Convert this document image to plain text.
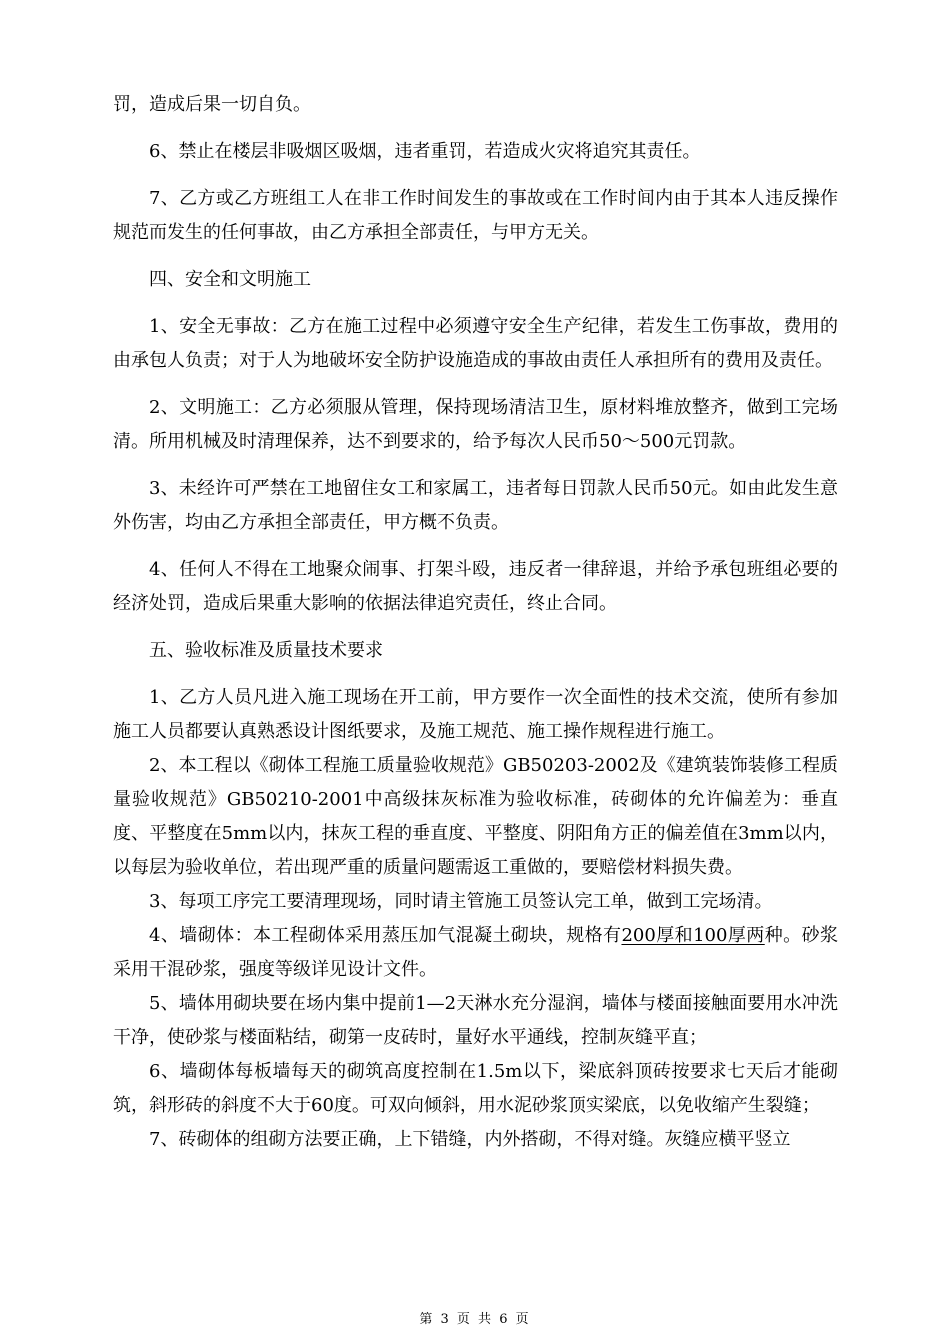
罚，造成后果一切自负。

6、禁止在楼层非吸烟区吸烟，违者重罚，若造成火灾将追究其责任。

7、乙方或乙方班组工人在非工作时间发生的事故或在工作时间内由于其本人违反操作规范而发生的任何事故，由乙方承担全部责任，与甲方无关。

四、安全和文明施工

1、安全无事故：乙方在施工过程中必须遵守安全生产纪律，若发生工伤事故，费用的由承包人负责；对于人为地破坏安全防护设施造成的事故由责任人承担所有的费用及责任。

2、文明施工：乙方必须服从管理，保持现场清洁卫生，原材料堆放整齐，做到工完场清。所用机械及时清理保养，达不到要求的，给予每次人民币50～500元罚款。

3、未经许可严禁在工地留住女工和家属工，违者每日罚款人民币50元。如由此发生意外伤害，均由乙方承担全部责任，甲方概不负责。

4、任何人不得在工地聚众闹事、打架斗殴，违反者一律辞退，并给予承包班组必要的经济处罚，造成后果重大影响的依据法律追究责任，终止合同。

五、验收标准及质量技术要求

1、乙方人员凡进入施工现场在开工前，甲方要作一次全面性的技术交流，使所有参加施工人员都要认真熟悉设计图纸要求，及施工规范、施工操作规程进行施工。

2、本工程以《砌体工程施工质量验收规范》GB50203-2002及《建筑装饰装修工程质量验收规范》GB50210-2001中高级抹灰标准为验收标准，砖砌体的允许偏差为：垂直度、平整度在5mm以内，抹灰工程的垂直度、平整度、阴阳角方正的偏差值在3mm以内，以每层为验收单位，若出现严重的质量问题需返工重做的，要赔偿材料损失费。

3、每项工序完工要清理现场，同时请主管施工员签认完工单，做到工完场清。

4、墙砌体：本工程砌体采用蒸压加气混凝土砌块，规格有200厚和100厚两种。砂浆采用干混砂浆，强度等级详见设计文件。

5、墙体用砌块要在场内集中提前1—2天淋水充分湿润，墙体与楼面接触面要用水冲洗干净，使砂浆与楼面粘结，砌第一皮砖时，量好水平通线，控制灰缝平直；

6、墙砌体每板墙每天的砌筑高度控制在1.5m以下，梁底斜顶砖按要求七天后才能砌筑，斜形砖的斜度不大于60度。可双向倾斜，用水泥砂浆顶实梁底，以免收缩产生裂缝；

7、砖砌体的组砌方法要正确，上下错缝，内外搭砌，不得对缝。灰缝应横平竖立

第 3 页 共 6 页
